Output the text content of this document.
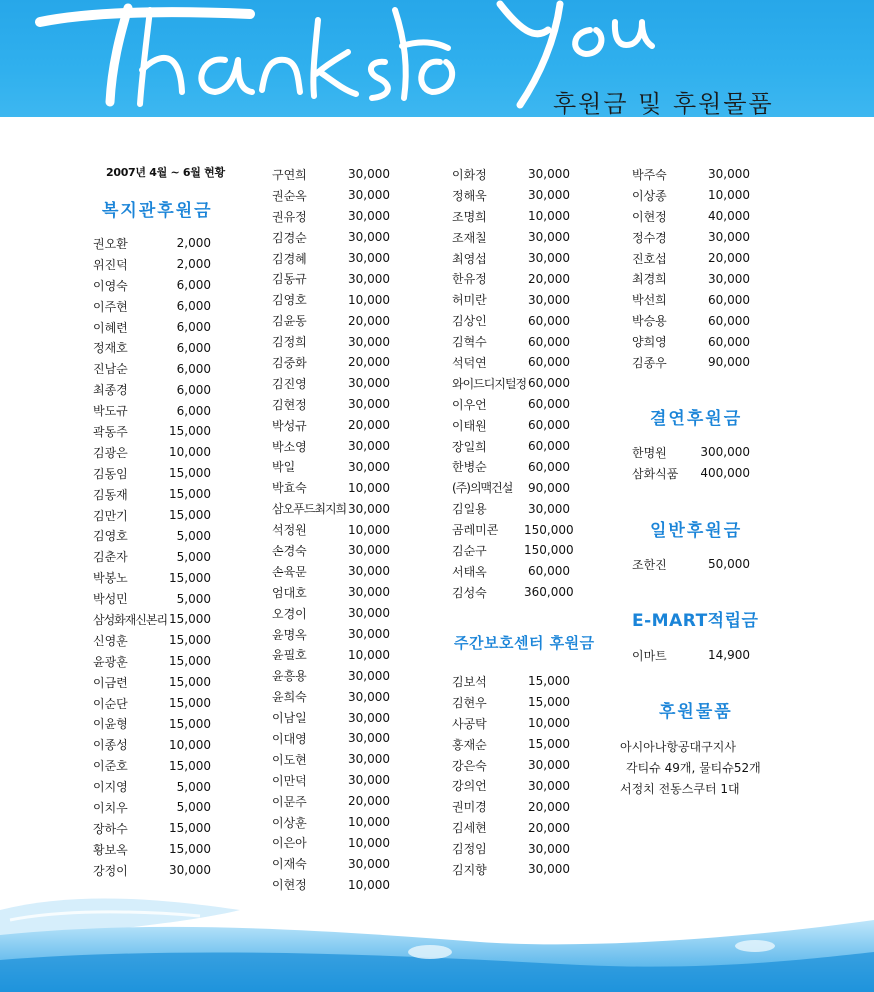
후원금 및 후원물품
2007년 4월 ~ 6월 현황
복지관후원금
권오환	2,000
위진덕	2,000
이영숙	6,000
이주현	6,000
이혜련	6,000
정재호	6,000
진남순	6,000
최종경	6,000
박도규	6,000
곽동주	15,000
김광은	10,000
김동임	15,000
김동재	15,000
김만기	15,000
김영호	5,000
김춘자	5,000
박봉노	15,000
박성민	5,000
삼성화재신본리 15,000
신영훈	15,000
윤광훈	15,000
이금련	15,000
이순단	15,000
이윤형	15,000
이종성	10,000
이준호	15,000
이지영	5,000
이치우	5,000
장하수	15,000
황보옥	15,000
강정이	30,000
구연희	30,000
권순옥	30,000
권유정	30,000
김경순	30,000
김경혜	30,000
김동규	30,000
김영호	10,000
김윤동	20,000
김정희	30,000
김중화	20,000
김진영	30,000
김현정	30,000
박성규	20,000
박소영	30,000
박일	30,000
박효숙	10,000
삼오푸드최지희 30,000
석정원	10,000
손경숙	30,000
손육문	30,000
엄대호	30,000
오경이	30,000
윤명옥	30,000
윤필호	10,000
윤흥용	30,000
윤희숙	30,000
이남일	30,000
이대영	30,000
이도현	30,000
이만덕	30,000
이문주	20,000
이상훈	10,000
이은아	10,000
이재숙	30,000
이현정	10,000
이화정	30,000
정해욱	30,000
조명희	10,000
조재칠	30,000
최영섭	30,000
한유정	20,000
허미란	30,000
김상인	60,000
김혁수	60,000
석덕연	60,000
와이드디지털정 60,000
이우언	60,000
이태원	60,000
장일희	60,000
한병순	60,000
(주)의맥건설	90,000
김일용	30,000
곰레미콘	150,000
김순구	150,000
서태옥	60,000
김성숙	360,000
박주숙	30,000
이상종	10,000
이현정	40,000
정수경	30,000
진호섭	20,000
최경희	30,000
박선희	60,000
박승용	60,000
양희영	60,000
김종우	90,000
주간보호센터 후원금
김보석	15,000
김현우	15,000
사공탁	10,000
홍재순	15,000
강은숙	30,000
강의언	30,000
권미경	20,000
김세현	20,000
김정임	30,000
김지향	30,000
결연후원금
한명원	300,000
삼화식품	400,000
일반후원금
조한진	50,000
E-MART적립금
이마트	14,900
후원물품
아시아나항공대구지사
각티슈 49개, 물티슈52개
서정치 전동스쿠터 1대
